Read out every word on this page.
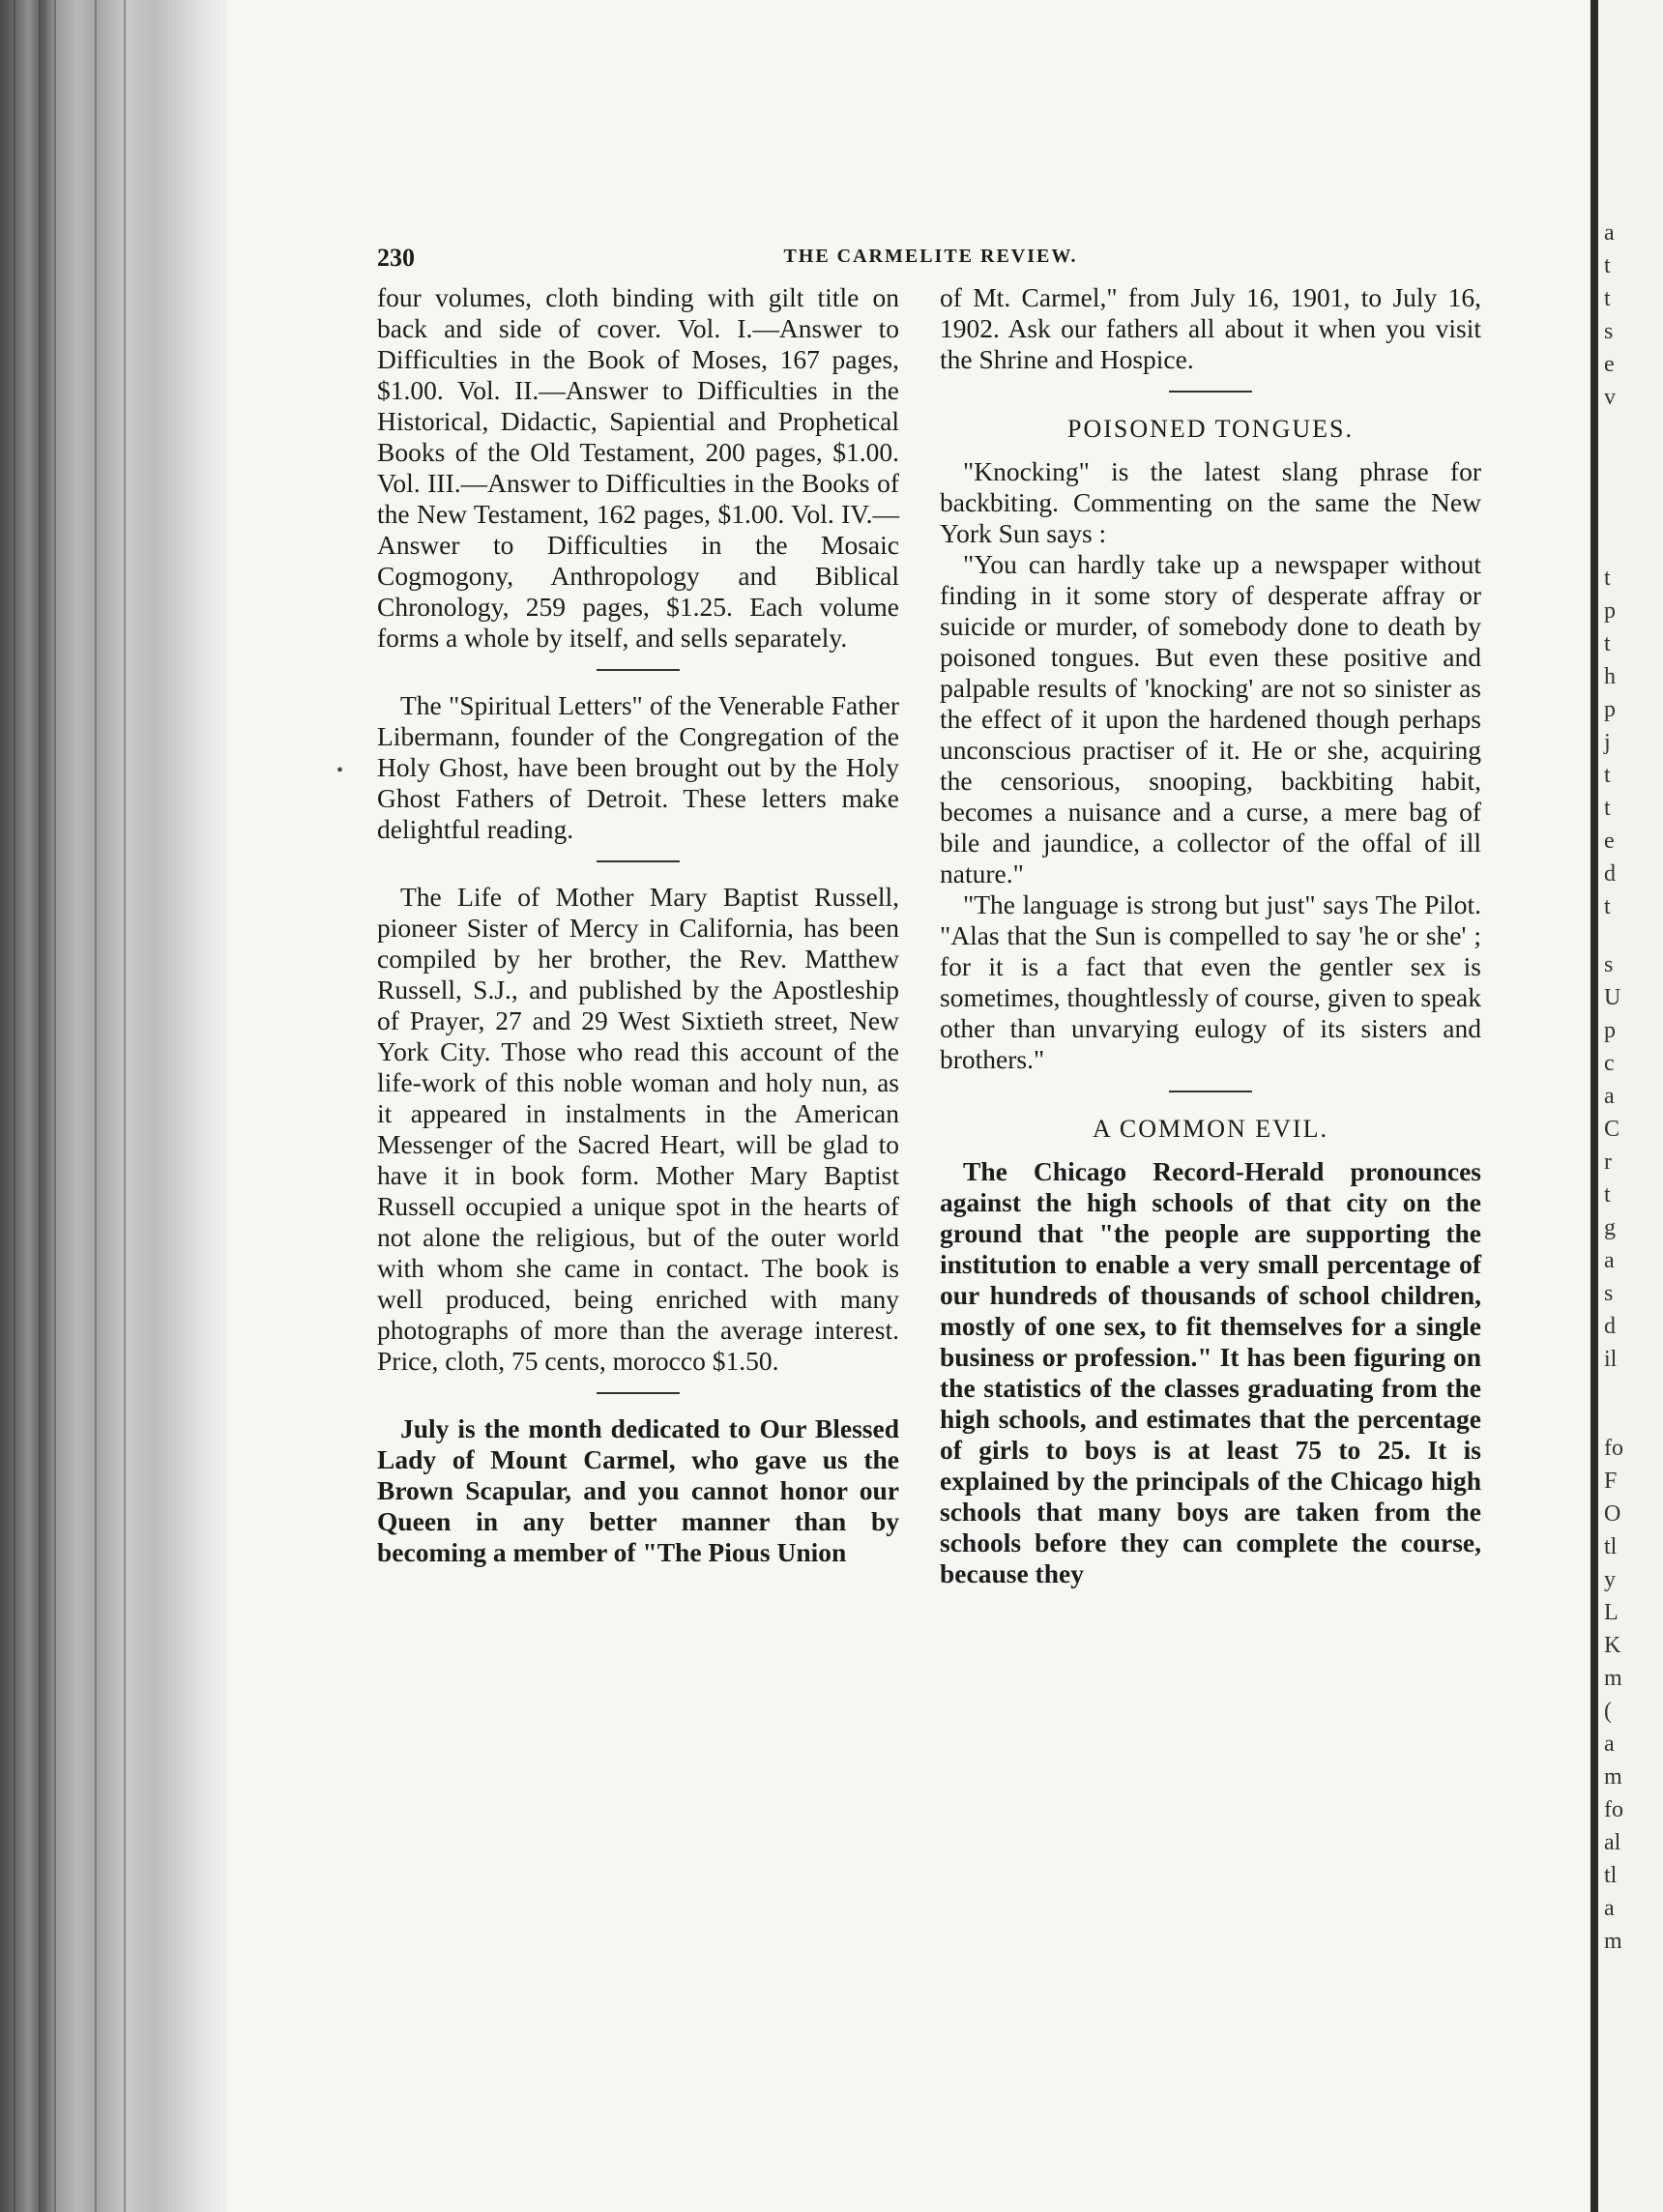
a
t
t
s
e
v
t
p
t
h
p
j
t
t
e
d
t
s
U
p
c
a
C
r
t
g
a
s
d
il
fo
F
O
tl
y
L
K
m
(
a
m
fo
al
tl
a
m
230	THE CARMELITE REVIEW.
•

four volumes, cloth binding with gilt title on back and side of cover. Vol. I.—Answer to Difficulties in the Book of Moses, 167 pages, $1.00. Vol. II.—Answer to Difficulties in the Historical, Didactic, Sapiential and Prophetical Books of the Old Testament, 200 pages, $1.00. Vol. III.—Answer to Difficulties in the Books of the New Testament, 162 pages, $1.00. Vol. IV.—Answer to Difficulties in the Mosaic Cogmogony, Anthropology and Biblical Chronology, 259 pages, $1.25. Each volume forms a whole by itself, and sells separately.

The "Spiritual Letters" of the Venerable Father Libermann, founder of the Congregation of the Holy Ghost, have been brought out by the Holy Ghost Fathers of Detroit. These letters make delightful reading.

The Life of Mother Mary Baptist Russell, pioneer Sister of Mercy in California, has been compiled by her brother, the Rev. Matthew Russell, S.J., and published by the Apostleship of Prayer, 27 and 29 West Sixtieth street, New York City. Those who read this account of the life-work of this noble woman and holy nun, as it appeared in instalments in the American Messenger of the Sacred Heart, will be glad to have it in book form. Mother Mary Baptist Russell occupied a unique spot in the hearts of not alone the religious, but of the outer world with whom she came in contact. The book is well produced, being enriched with many photographs of more than the average interest. Price, cloth, 75 cents, morocco $1.50.

July is the month dedicated to Our Blessed Lady of Mount Carmel, who gave us the Brown Scapular, and you cannot honor our Queen in any better manner than by becoming a member of "The Pious Union

of Mt. Carmel," from July 16, 1901, to July 16, 1902. Ask our fathers all about it when you visit the Shrine and Hospice.

POISONED TONGUES.

"Knocking" is the latest slang phrase for backbiting. Commenting on the same the New York Sun says :

"You can hardly take up a newspaper without finding in it some story of desperate affray or suicide or murder, of somebody done to death by poisoned tongues. But even these positive and palpable results of 'knocking' are not so sinister as the effect of it upon the hardened though perhaps unconscious practiser of it. He or she, acquiring the censorious, snooping, backbiting habit, becomes a nuisance and a curse, a mere bag of bile and jaundice, a collector of the offal of ill nature."

"The language is strong but just" says The Pilot. "Alas that the Sun is compelled to say 'he or she' ; for it is a fact that even the gentler sex is sometimes, thoughtlessly of course, given to speak other than unvarying eulogy of its sisters and brothers."

A COMMON EVIL.

The Chicago Record-Herald pronounces against the high schools of that city on the ground that "the people are supporting the institution to enable a very small percentage of our hundreds of thousands of school children, mostly of one sex, to fit themselves for a single business or profession." It has been figuring on the statistics of the classes graduating from the high schools, and estimates that the percentage of girls to boys is at least 75 to 25. It is explained by the principals of the Chicago high schools that many boys are taken from the schools before they can complete the course, because they
